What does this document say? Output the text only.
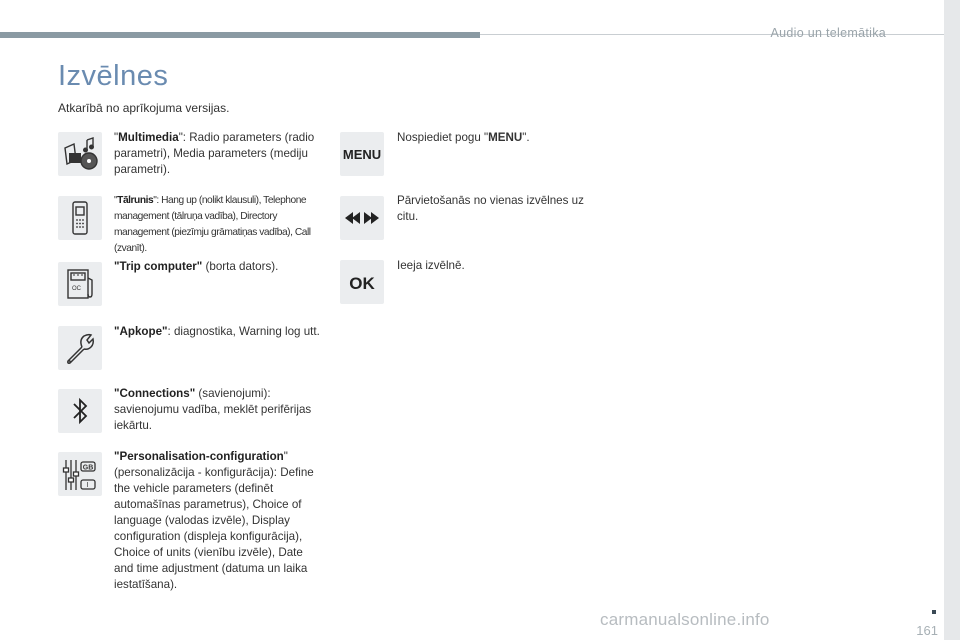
Audio un telemātika
Izvēlnes
Atkarībā no aprīkojuma versijas.
"Multimedia": Radio parameters (radio parametri), Media parameters (mediju parametri).
"Tālrunis": Hang up (nolikt klausuli), Telephone management (tālruņa vadība), Directory management (piezīmju grāmatiņas vadība), Call (zvanīt).
OC
"Trip computer" (borta dators).
"Apkope": diagnostika, Warning log utt.
"Connections" (savienojumi): savienojumu vadība, meklēt perifērijas iekārtu.
GB
I
"Personalisation-configuration" (personalizācija - konfigurācija): Define the vehicle parameters (definēt automašīnas parametrus), Choice of language (valodas izvēle), Display configuration (displeja konfigurācija), Choice of units (vienību izvēle), Date and time adjustment (datuma un laika iestatīšana).
MENU
Nospiediet pogu "MENU".
Pārvietošanās no vienas izvēlnes uz citu.
OK
Ieeja izvēlnē.
161
carmanualsonline.info
